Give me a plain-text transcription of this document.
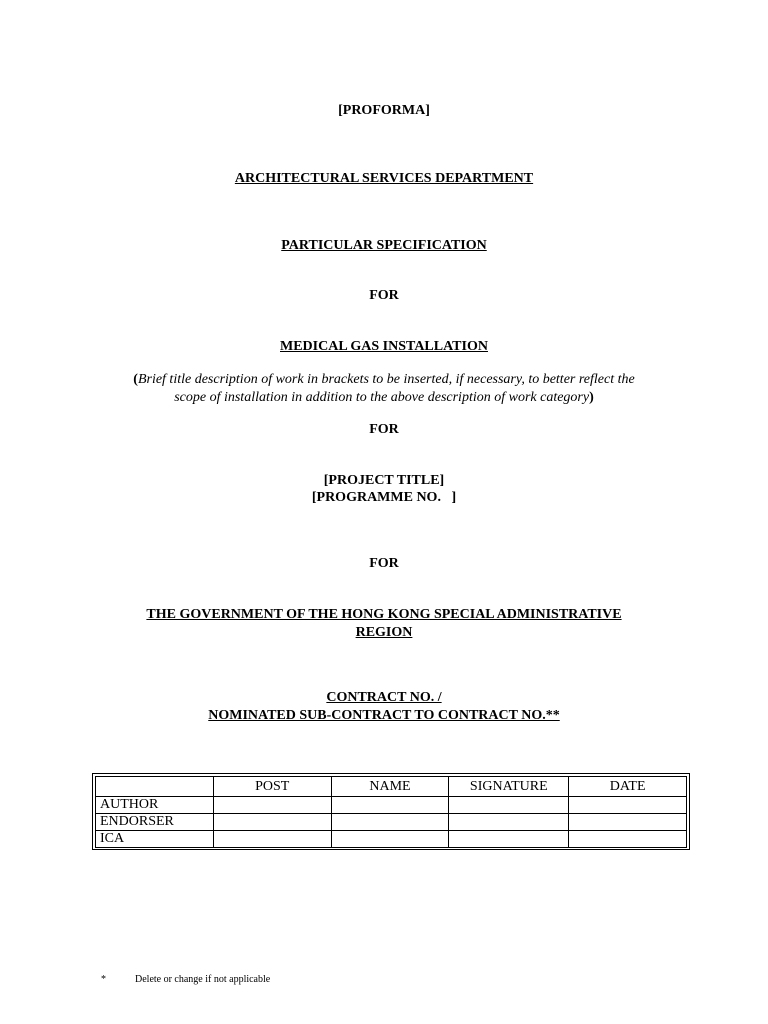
[PROFORMA]
ARCHITECTURAL SERVICES DEPARTMENT
PARTICULAR SPECIFICATION
FOR
MEDICAL GAS INSTALLATION
(Brief title description of work in brackets to be inserted, if necessary, to better reflect the
scope of installation in addition to the above description of work category)
FOR
[PROJECT TITLE]
[PROGRAMME NO.   ]
FOR
THE GOVERNMENT OF THE HONG KONG SPECIAL ADMINISTRATIVE
REGION
CONTRACT NO. /
NOMINATED SUB-CONTRACT TO CONTRACT NO.**
	POST	NAME	SIGNATURE	DATE
AUTHOR				
ENDORSER				
ICA				
*	Delete or change if not applicable
